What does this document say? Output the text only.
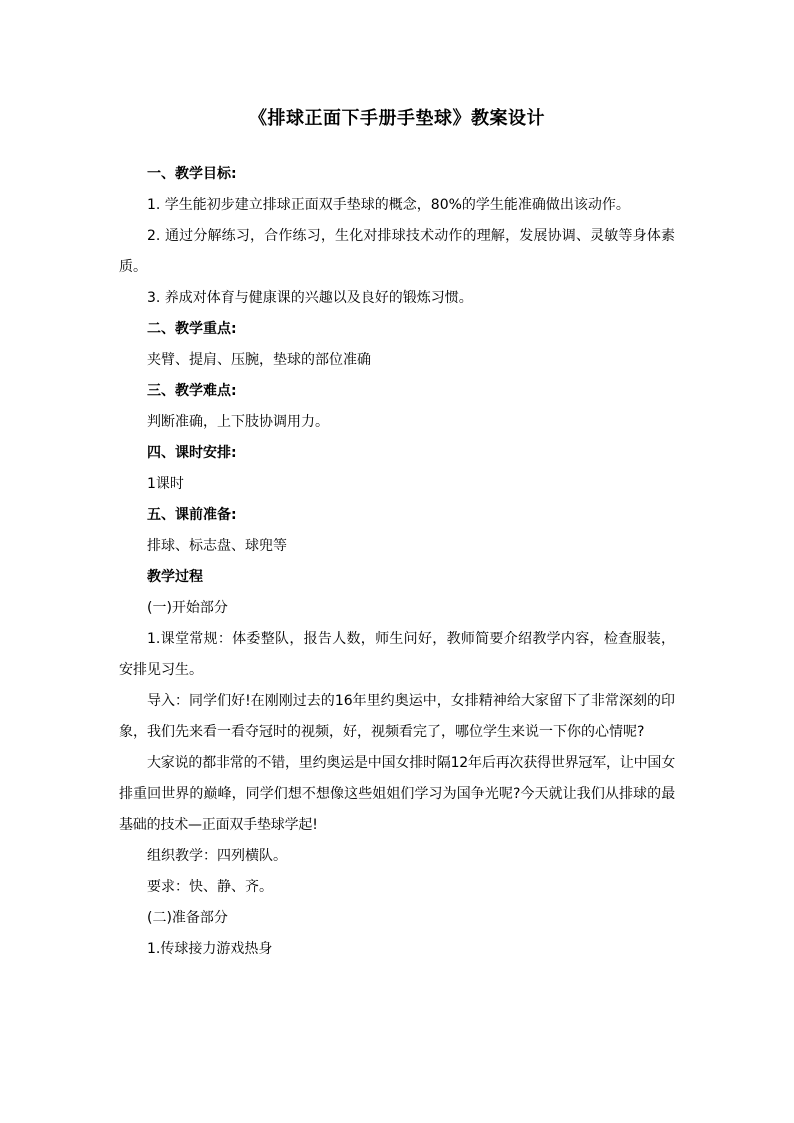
《排球正面下手册手垫球》教案设计

一、教学目标:

1. 学生能初步建立排球正面双手垫球的概念，80%的学生能准确做出该动作。

2. 通过分解练习，合作练习，生化对排球技术动作的理解，发展协调、灵敏等身体素质。

3. 养成对体育与健康课的兴趣以及良好的锻炼习惯。

二、教学重点:

夹臂、提肩、压腕，垫球的部位准确

三、教学难点:

判断准确，上下肢协调用力。

四、课时安排:

1课时

五、课前准备:

排球、标志盘、球兜等

教学过程

(一)开始部分

1.课堂常规：体委整队，报告人数，师生问好，教师简要介绍教学内容，检查服装，安排见习生。

导入：同学们好!在刚刚过去的16年里约奥运中，女排精神给大家留下了非常深刻的印象，我们先来看一看夺冠时的视频，好，视频看完了，哪位学生来说一下你的心情呢?

大家说的都非常的不错，里约奥运是中国女排时隔12年后再次获得世界冠军，让中国女排重回世界的巅峰，同学们想不想像这些姐姐们学习为国争光呢?今天就让我们从排球的最基础的技术—正面双手垫球学起!

组织教学：四列横队。

要求：快、静、齐。

(二)准备部分

1.传球接力游戏热身
